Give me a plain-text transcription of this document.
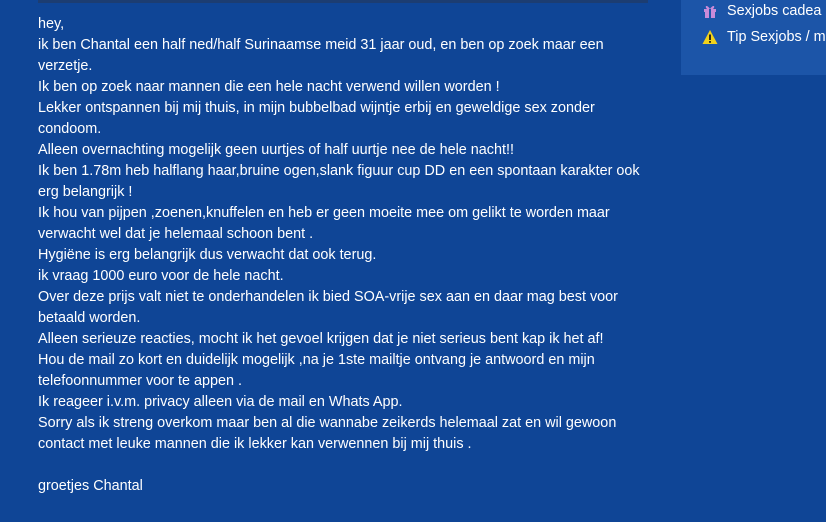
hey,

ik ben Chantal een half ned/half Surinaamse meid 31 jaar oud, en ben op zoek maar een verzetje.

Ik ben op zoek naar mannen die een hele nacht verwend willen worden !

Lekker ontspannen bij mij thuis, in mijn bubbelbad wijntje erbij en geweldige sex zonder condoom.

Alleen overnachting mogelijk geen uurtjes of half uurtje nee de hele nacht!!

Ik ben 1.78m heb halflang haar,bruine ogen,slank figuur cup DD en een spontaan karakter ook erg belangrijk !

Ik hou van pijpen ,zoenen,knuffelen en heb er geen moeite mee om gelikt te worden maar verwacht wel dat je helemaal schoon bent .

Hygiëne is erg belangrijk dus verwacht dat ook terug.

ik vraag 1000 euro voor de hele nacht.

Over deze prijs valt niet te onderhandelen ik bied SOA-vrije sex aan en daar mag best voor betaald worden.

Alleen serieuze reacties, mocht ik het gevoel krijgen dat je niet serieus bent kap ik het af!

Hou de mail zo kort en duidelijk mogelijk ,na je 1ste mailtje ontvang je antwoord en mijn telefoonnummer voor te appen .

Ik reageer i.v.m. privacy alleen via de mail en Whats App.

Sorry als ik streng overkom maar ben al die wannabe zeikerds helemaal zat en wil gewoon contact met leuke mannen die ik lekker kan verwennen bij mij thuis .

groetjes Chantal

Sexjobs cadea
Tip Sexjobs / m
